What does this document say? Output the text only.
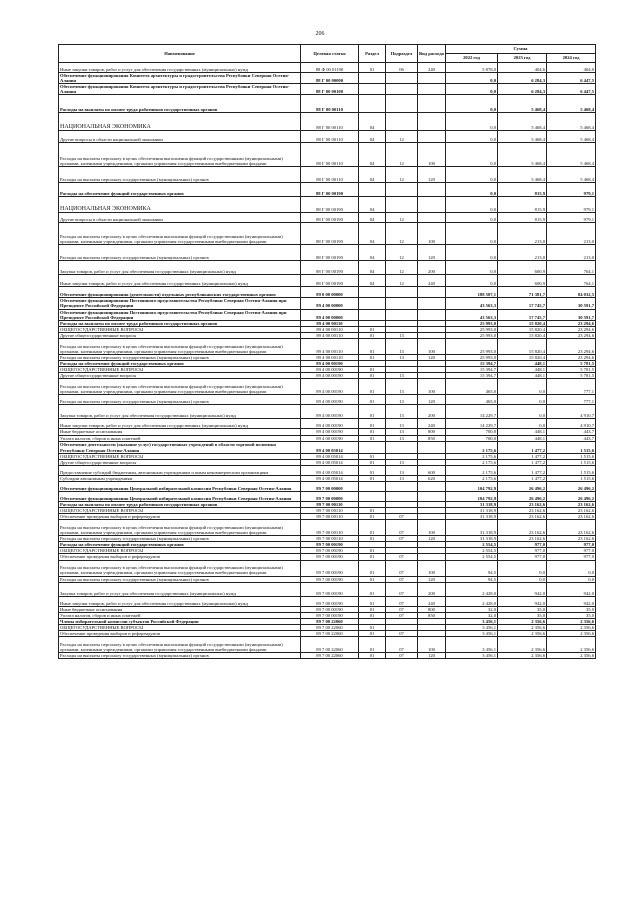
206
Наименование	Целевая статья	Раздел	Подраздел	Вид расхода	Сумма		
					2022 год	2023 год	2024 год
Иные закупки товаров, работ и услуг для обеспечения государственных (муниципальных) нужд	88 Ф 00 01190	01	06	240	5 878,0	404,6	404,0
Обеспечение функционирования Комитета архитектуры и градостроительства Республики Северная Осетия-Алания	88 Г 00 00000				0,0	6 284,3	6 447,5
Обеспечение функционирования Комитета архитектуры и градостроительства Республики Северная Осетия-Алания	88 Г 00 00100				0,0	6 284,3	6 447,5
Расходы на выплаты по оплате труда работников государственных органов	88 Г 00 00110				0,0	5 468,4	5 468,4
НАЦИОНАЛЬНАЯ ЭКОНОМИКА	88 Г 00 00110	04			0,0	5 468,4	5 468,4
Другие вопросы в области национальной экономики	88 Г 00 00110	04	12		0,0	5 468,4	5 468,4
Расходы на выплаты персоналу в целях обеспечения выполнения функций государственными (муниципальными) органами, казенными учреждениями, органами управления государственными внебюджетными фондами	88 Г 00 00110	04	12	100	0,0	5 468,4	5 468,4
Расходы на выплаты персоналу государственных (муниципальных) органов	88 Г 00 00110	04	12	120	0,0	5 468,4	5 468,4
Расходы на обеспечение функций государственных органов	88 Г 00 00190				0,0	815,9	979,1
НАЦИОНАЛЬНАЯ ЭКОНОМИКА	88 Г 00 00190	04			0,0	815,9	979,1
Другие вопросы в области национальной экономики	88 Г 00 00190	04	12		0,0	815,9	979,1
Расходы на выплаты персоналу в целях обеспечения выполнения функций государственными (муниципальными) органами, казенными учреждениями, органами управления государственными внебюджетными фондами	88 Г 00 00190	04	12	100	0,0	213,0	213,0
Расходы на выплаты персоналу государственных (муниципальных) органов	88 Г 00 00190	04	12	120	0,0	213,0	213,0
Закупка товаров, работ и услуг для обеспечения государственных (муниципальных) нужд	88 Г 00 00190	04	12	200	0,0	600,9	764,1
Иные закупки товаров, работ и услуг для обеспечения государственных (муниципальных) нужд	88 Г 00 00190	04	12	240	0,0	600,9	764,1
Обеспечение функционирования (деятельности) отдельных республиканских государственных органов	89 0 00 00000				188 507,1	71 381,7	84 032,5
Обеспечение функционирования Постоянного представительства Республики Северная Осетия-Алания при Президенте Российской Федерации	89 4 00 00000				43 563,3	17 745,7	30 591,7
Обеспечение функционирования Постоянного представительства Республики Северная Осетия-Алания при Президенте Российской Федерации	89 4 00 00000				43 563,3	17 745,7	30 591,7
Расходы на выплаты по оплате труда работников государственных органов	89 4 00 00110				25 993,0	15 820,4	23 294,6
ОБЩЕГОСУДАРСТВЕННЫЕ ВОПРОСЫ	89 4 00 00110	01			25 993,0	15 820,4	23 294,6
Другие общегосударственные вопросы	89 4 00 00110	01	13		25 993,0	15 820,4	23 294,6
Расходы на выплаты персоналу в целях обеспечения выполнения функций государственными (муниципальными) органами, казенными учреждениями, органами управления государственными внебюджетными фондами	89 4 00 00110	01	13	100	25 993,0	15 820,4	23 294,6
Расходы на выплаты персоналу государственных (муниципальных) органов	89 4 00 00110	01	13	120	25 993,0	15 820,4	23 294,6
Расходы на обеспечение функций государственных органов	89 4 00 00190				15 394,7	448,1	5 781,5
ОБЩЕГОСУДАРСТВЕННЫЕ ВОПРОСЫ	89 4 00 00190	01			15 394,7	448,1	5 781,5
Другие общегосударственные вопросы	89 4 00 00190	01	13		15 394,7	448,1	5 781,5
Расходы на выплаты персоналу в целях обеспечения выполнения функций государственными (муниципальными) органами, казенными учреждениями, органами управления государственными внебюджетными фондами	89 4 00 00190	01	13	100	465,0	0,0	777,1
Расходы на выплаты персоналу государственных (муниципальных) органов	89 4 00 00190	01	13	120	465,0	0,0	777,1
Закупка товаров, работ и услуг для обеспечения государственных (муниципальных) нужд	89 4 00 00190	01	13	200	14 229,7	0,0	4 910,7
Иные закупки товаров, работ и услуг для обеспечения государственных (муниципальных) нужд	89 4 00 00190	01	13	240	14 229,7	0,0	4 910,7
Иные бюджетные ассигнования	89 4 00 00190	01	13	800	700,0	448,1	443,7
Уплата налогов, сборов и иных платежей	89 4 00 00190	01	13	850	700,0	448,1	443,7
Обеспечение деятельности (оказание услуг) государственных учреждений в области торговой политики Республики Северная Осетия-Алания	89 4 00 05014				2 175,6	1 477,2	1 515,6
ОБЩЕГОСУДАРСТВЕННЫЕ ВОПРОСЫ	89 4 00 05014	01			2 175,6	1 477,2	1 515,6
Другие общегосударственные вопросы	89 4 00 05014	01	13		2 175,6	1 477,2	1 515,6
Предоставление субсидий бюджетным, автономным учреждениям и иным некоммерческим организациям	89 4 00 05014	01	13	600	2 175,6	1 477,2	1 515,6
Субсидии автономным учреждениям	89 4 00 05014	01	13	620	2 175,6	1 477,2	1 515,6
Обеспечение функционирования Центральной избирательной комиссии Республики Северная Осетия-Алания	89 7 00 00000				104 792,9	26 496,2	26 496,2
Обеспечение функционирования Центральной избирательной комиссии Республики Северная Осетия-Алания	89 7 00 00000				104 792,9	26 496,2	26 496,2
Расходы на выплаты по оплате труда работников государственных органов	89 7 00 00110				31 318,9	23 162,6	23 162,6
ОБЩЕГОСУДАРСТВЕННЫЕ ВОПРОСЫ	89 7 00 00110	01			31 318,9	23 162,6	23 162,6
Обеспечение проведения выборов и референдумов	89 7 00 00110	01	07		31 318,9	23 162,6	23 162,6
Расходы на выплаты персоналу в целях обеспечения выполнения функций государственными (муниципальными) органами, казенными учреждениями, органами управления государственными внебюджетными фондами	89 7 00 00110	01	07	100	31 318,9	23 162,6	23 162,6
Расходы на выплаты персоналу государственных (муниципальных) органов	89 7 00 00110	01	07	120	31 318,9	23 162,6	23 162,6
Расходы на обеспечение функций государственных органов	89 7 00 00190				2 554,5	977,0	977,0
ОБЩЕГОСУДАРСТВЕННЫЕ ВОПРОСЫ	89 7 00 00190	01			2 554,5	977,0	977,0
Обеспечение проведения выборов и референдумов	89 7 00 00190	01	07		2 554,5	977,0	977,0
Расходы на выплаты персоналу в целях обеспечения выполнения функций государственными (муниципальными) органами, казенными учреждениями, органами управления государственными внебюджетными фондами	89 7 00 00190	01	07	100	94,5	0,0	0,0
Расходы на выплаты персоналу государственных (муниципальных) органов	89 7 00 00190	01	07	120	94,5	0,0	0,0
Закупка товаров, работ и услуг для обеспечения государственных (муниципальных) нужд	89 7 00 00190	01	07	200	2 428,0	942,0	942,0
Иные закупки товаров, работ и услуг для обеспечения государственных (муниципальных) нужд	89 7 00 00190	01	07	240	2 428,0	942,0	942,0
Иные бюджетные ассигнования	89 7 00 00190	01	07	800	32,0	35,0	35,0
Уплата налогов, сборов и иных платежей	89 7 00 00190	01	07	850	32,0	35,0	35,0
Члены избирательной комиссии субъектов Российской Федерации	89 7 00 22060				3 456,1	2 356,6	2 356,6
ОБЩЕГОСУДАРСТВЕННЫЕ ВОПРОСЫ	89 7 00 22060	01			3 456,1	2 356,6	2 356,6
Обеспечение проведения выборов и референдумов	89 7 00 22060	01	07		3 456,1	2 356,6	2 356,6
Расходы на выплаты персоналу в целях обеспечения выполнения функций государственными (муниципальными) органами, казенными учреждениями, органами управления государственными внебюджетными фондами	89 7 00 22060	01	07	100	3 456,1	2 356,6	2 356,6
Расходы на выплаты персоналу государственных (муниципальных) органов	89 7 00 22060	01	07	120	3 456,1	2 356,6	2 356,6
